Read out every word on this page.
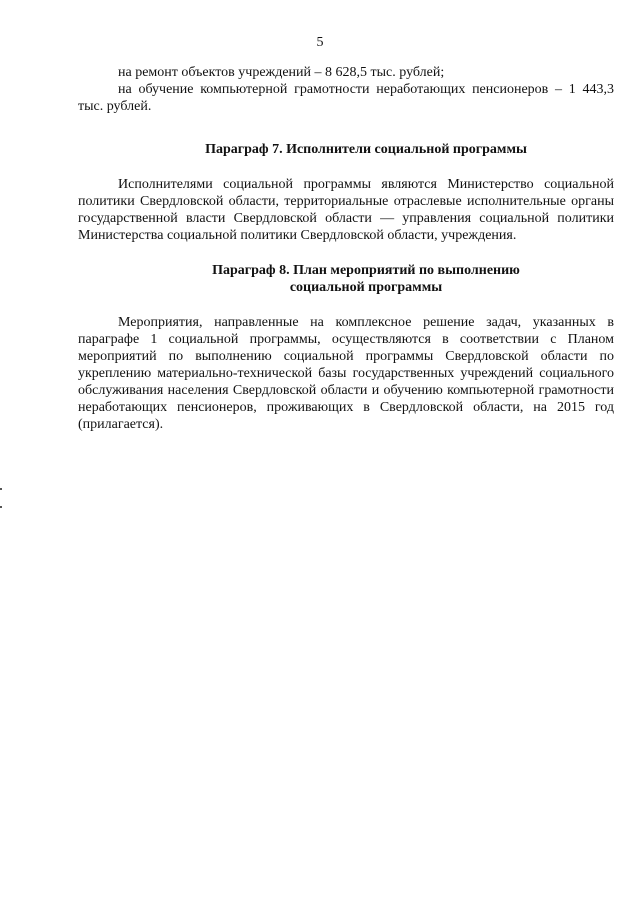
5

на ремонт объектов учреждений – 8 628,5 тыс. рублей;

на обучение компьютерной грамотности неработающих пенсионеров – 1 443,3 тыс. рублей.

Параграф 7. Исполнители социальной программы

Исполнителями социальной программы являются Министерство социальной политики Свердловской области, территориальные отраслевые исполнительные органы государственной власти Свердловской области — управления социальной политики Министерства социальной политики Свердловской области, учреждения.

Параграф 8. План мероприятий по выполнению
социальной программы

Мероприятия, направленные на комплексное решение задач, указанных в параграфе 1 социальной программы, осуществляются в соответствии с Планом мероприятий по выполнению социальной программы Свердловской области по укреплению материально-технической базы государственных учреждений социального обслуживания населения Свердловской области и обучению компьютерной грамотности неработающих пенсионеров, проживающих в Свердловской области, на 2015 год (прилагается).
